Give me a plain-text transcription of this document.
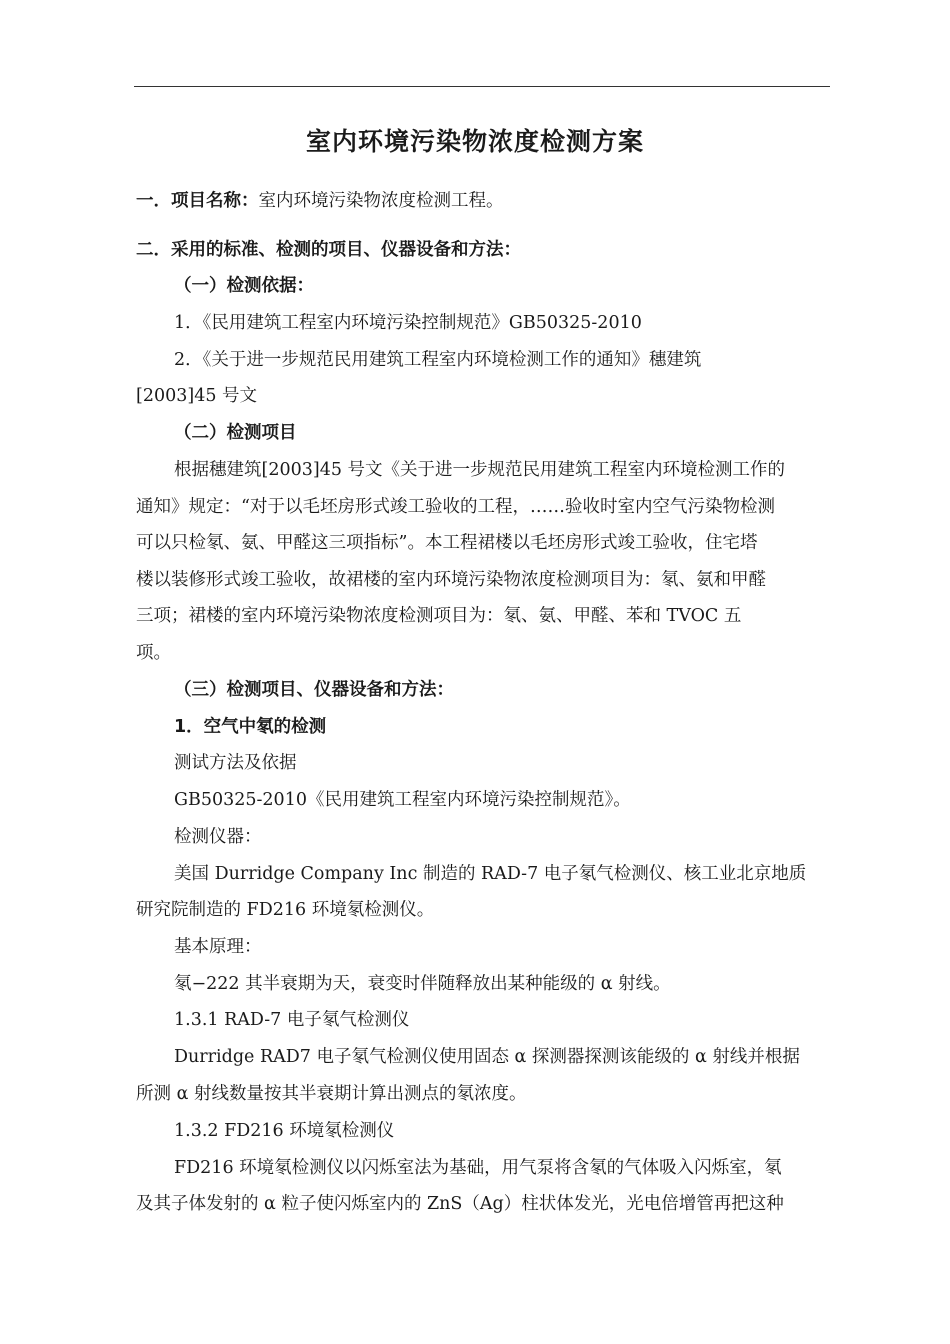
室内环境污染物浓度检测方案
一．项目名称：室内环境污染物浓度检测工程。
二．采用的标准、检测的项目、仪器设备和方法：
（一）检测依据：
1．《民用建筑工程室内环境污染控制规范》GB50325-2010
2．《关于进一步规范民用建筑工程室内环境检测工作的通知》穗建筑
[2003]45 号文
（二）检测项目
根据穗建筑[2003]45 号文《关于进一步规范民用建筑工程室内环境检测工作的
通知》规定：“对于以毛坯房形式竣工验收的工程，……验收时室内空气污染物检测
可以只检氡、氨、甲醛这三项指标”。本工程裙楼以毛坯房形式竣工验收，住宅塔
楼以装修形式竣工验收，故裙楼的室内环境污染物浓度检测项目为：氡、氨和甲醛
三项；裙楼的室内环境污染物浓度检测项目为：氡、氨、甲醛、苯和 TVOC 五
项。
（三）检测项目、仪器设备和方法：
1．空气中氡的检测
测试方法及依据
GB50325-2010《民用建筑工程室内环境污染控制规范》。
检测仪器：
美国 Durridge Company Inc 制造的 RAD-7 电子氡气检测仪、核工业北京地质
研究院制造的 FD216 环境氡检测仪。
基本原理：
氡−222 其半衰期为天，衰变时伴随释放出某种能级的 α 射线。
1.3.1 RAD-7 电子氡气检测仪
Durridge RAD7 电子氡气检测仪使用固态 α 探测器探测该能级的 α 射线并根据
所测 α 射线数量按其半衰期计算出测点的氡浓度。
1.3.2 FD216 环境氡检测仪
FD216 环境氡检测仪以闪烁室法为基础，用气泵将含氡的气体吸入闪烁室，氡
及其子体发射的 α 粒子使闪烁室内的 ZnS（Ag）柱状体发光，光电倍增管再把这种
